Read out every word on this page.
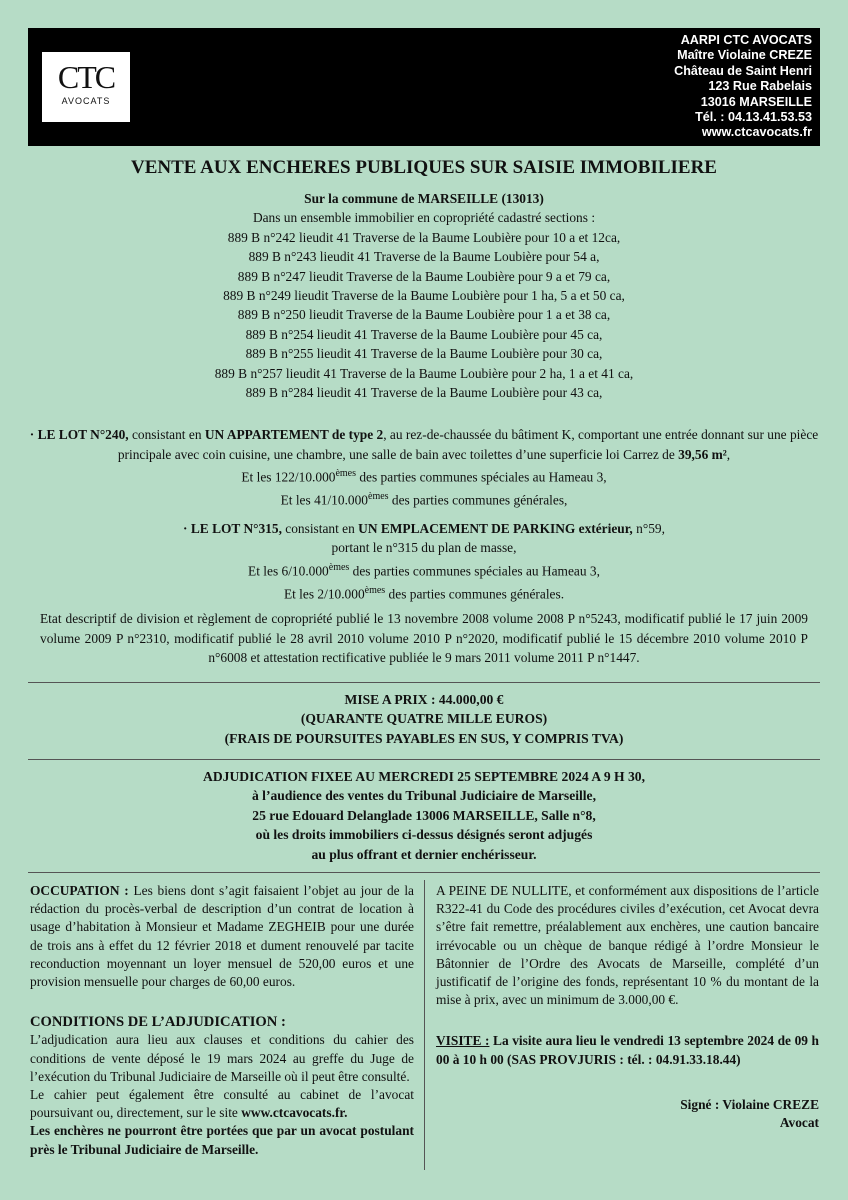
CTC
AVOCATS
AARPI CTC AVOCATS
Maître Violaine CREZE
Château de Saint Henri
123 Rue Rabelais
13016 MARSEILLE
Tél. : 04.13.41.53.53
www.ctcavocats.fr
VENTE AUX ENCHERES PUBLIQUES SUR SAISIE IMMOBILIERE
Sur la commune de MARSEILLE (13013)
Dans un ensemble immobilier en copropriété cadastré sections :
889 B n°242 lieudit 41 Traverse de la Baume Loubière pour 10 a et 12ca,
889 B n°243 lieudit 41 Traverse de la Baume Loubière pour 54 a,
889 B n°247 lieudit Traverse de la Baume Loubière pour 9 a et 79 ca,
889 B n°249 lieudit Traverse de la Baume Loubière pour 1 ha, 5 a et 50 ca,
889 B n°250 lieudit Traverse de la Baume Loubière pour 1 a et 38 ca,
889 B n°254 lieudit 41 Traverse de la Baume Loubière pour 45 ca,
889 B n°255 lieudit 41 Traverse de la Baume Loubière pour 30 ca,
889 B n°257 lieudit 41 Traverse de la Baume Loubière pour 2 ha, 1 a et 41 ca,
889 B n°284 lieudit 41 Traverse de la Baume Loubière pour 43 ca,
· LE LOT N°240, consistant en UN APPARTEMENT de type 2, au rez-de-chaussée du bâtiment K, comportant une entrée donnant sur une pièce principale avec coin cuisine, une chambre, une salle de bain avec toilettes d’une superficie loi Carrez de 39,56 m²,
Et les 122/10.000èmes des parties communes spéciales au Hameau 3,
Et les 41/10.000èmes des parties communes générales,
· LE LOT N°315, consistant en UN EMPLACEMENT DE PARKING extérieur, n°59,
portant le n°315 du plan de masse,
Et les 6/10.000èmes des parties communes spéciales au Hameau 3,
Et les 2/10.000èmes des parties communes générales.
Etat descriptif de division et règlement de copropriété publié le 13 novembre 2008 volume 2008 P n°5243, modificatif publié le 17 juin 2009 volume 2009 P n°2310, modificatif publié le 28 avril 2010 volume 2010 P n°2020, modificatif publié le 15 décembre 2010 volume 2010 P n°6008 et attestation rectificative publiée le 9 mars 2011 volume 2011 P n°1447.
MISE A PRIX : 44.000,00 €
(QUARANTE QUATRE MILLE EUROS)
(FRAIS DE POURSUITES PAYABLES EN SUS, Y COMPRIS TVA)
ADJUDICATION FIXEE AU MERCREDI 25 SEPTEMBRE 2024 A 9 H 30,
à l’audience des ventes du Tribunal Judiciaire de Marseille,
25 rue Edouard Delanglade 13006 MARSEILLE, Salle n°8,
où les droits immobiliers ci-dessus désignés seront adjugés
au plus offrant et dernier enchérisseur.

OCCUPATION : Les biens dont s’agit faisaient l’objet au jour de la rédaction du procès-verbal de description d’un contrat de location à usage d’habitation à Monsieur et Madame ZEGHEIB pour une durée de trois ans à effet du 12 février 2018 et dument renouvelé par tacite reconduction moyennant un loyer mensuel de 520,00 euros et une provision mensuelle pour charges de 60,00 euros.

CONDITIONS DE L’ADJUDICATION :

L’adjudication aura lieu aux clauses et conditions du cahier des conditions de vente déposé le 19 mars 2024 au greffe du Juge de l’exécution du Tribunal Judiciaire de Marseille où il peut être consulté.

Le cahier peut également être consulté au cabinet de l’avocat poursuivant ou, directement, sur le site www.ctcavocats.fr.

Les enchères ne pourront être portées que par un avocat postulant près le Tribunal Judiciaire de Marseille.

A PEINE DE NULLITE, et conformément aux dispositions de l’article R322-41 du Code des procédures civiles d’exécution, cet Avocat devra s’être fait remettre, préalablement aux enchères, une caution bancaire irrévocable ou un chèque de banque rédigé à l’ordre Monsieur le Bâtonnier de l’Ordre des Avocats de Marseille, complété d’un justificatif de l’origine des fonds, représentant 10 % du montant de la mise à prix, avec un minimum de 3.000,00 €.

VISITE : La visite aura lieu le vendredi 13 septembre 2024 de 09 h 00 à 10 h 00 (SAS PROVJURIS : tél. : 04.91.33.18.44)

Signé : Violaine CREZE

Avocat
